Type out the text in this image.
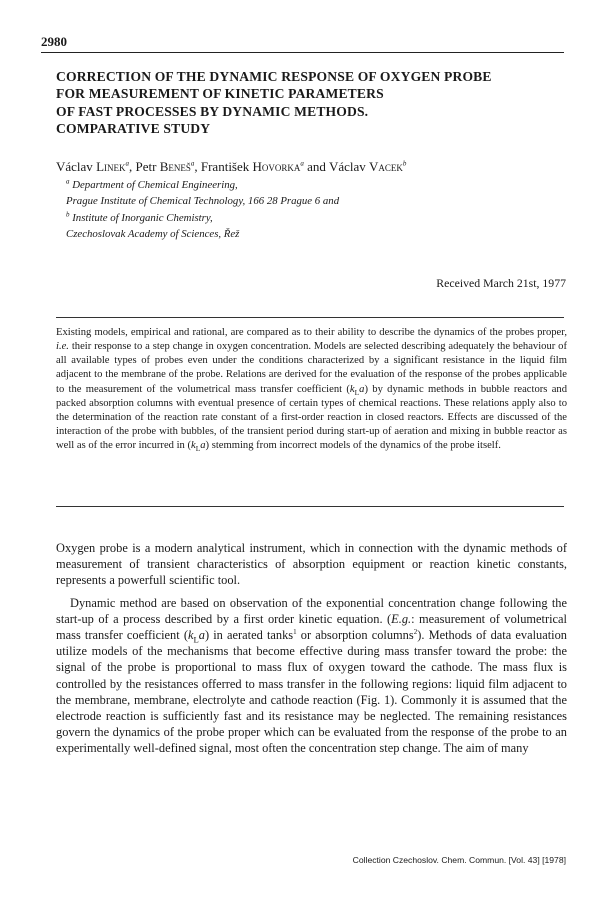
2980
CORRECTION OF THE DYNAMIC RESPONSE OF OXYGEN PROBE
FOR MEASUREMENT OF KINETIC PARAMETERS
OF FAST PROCESSES BY DYNAMIC METHODS.
COMPARATIVE STUDY
Václav Linek$^a$, Petr Beneš$^a$, František Hovorka$^a$ and Václav Vacek$^b$
$^a$ Department of Chemical Engineering,
Prague Institute of Chemical Technology, 166 28 Prague 6 and
$^b$ Institute of Inorganic Chemistry,
Czechoslovak Academy of Sciences, Řež
Received March 21st, 1977

Existing models, empirical and rational, are compared as to their ability to describe the dynamics of the probes proper, i.e. their response to a step change in oxygen concentration. Models are selected describing adequately the behaviour of all available types of probes even under the conditions characterized by a significant resistance in the liquid film adjacent to the membrane of the probe. Relations are derived for the evaluation of the response of the probes applicable to the measurement of the volumetrical mass transfer coefficient $(k_La)$ by dynamic methods in bubble reactors and packed absorption columns with eventual presence of certain types of chemical reactions. These relations apply also to the determination of the reaction rate constant of a first-order reaction in closed reactors. Effects are discussed of the interaction of the probe with bubbles, of the transient period during start-up of aeration and mixing in bubble reactor as well as of the error incurred in $(k_La)$ stemming from incorrect models of the dynamics of the probe itself.

Oxygen probe is a modern analytical instrument, which in connection with the dynamic methods of measurement of transient characteristics of absorption equipment or reaction kinetic constants, represents a powerfull scientific tool.

Dynamic method are based on observation of the exponential concentration change following the start-up of a process described by a first order kinetic equation. (E.g.: measurement of volumetrical mass transfer coefficient $(k_La)$ in aerated tanks$^1$ or absorption columns$^2$). Methods of data evaluation utilize models of the mechanisms that become effective during mass transfer toward the probe: the signal of the probe is proportional to mass flux of oxygen toward the cathode. The mass flux is controlled by the resistances offerred to mass transfer in the following regions: liquid film adjacent to the membrane, membrane, electrolyte and cathode reaction (Fig. 1). Commonly it is assumed that the electrode reaction is sufficiently fast and its resistance may be neglected. The remaining resistances govern the dynamics of the probe proper which can be evaluated from the response of the probe to an experimentally well-defined signal, most often the concentration step change. The aim of many

Collection Czechoslov. Chem. Commun. [Vol. 43] [1978]
